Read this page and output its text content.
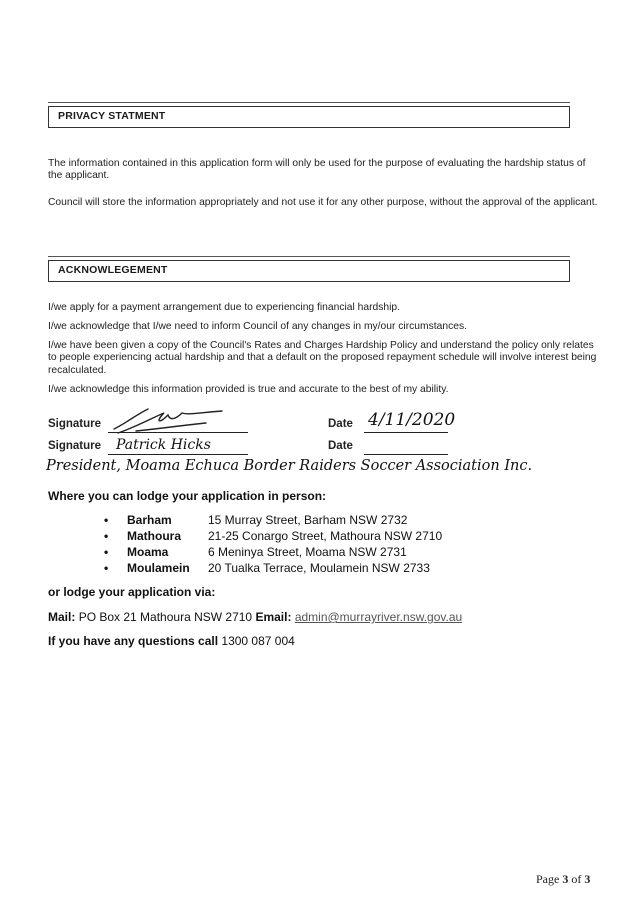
PRIVACY STATMENT
The information contained in this application form will only be used for the purpose of evaluating the hardship status of the applicant.
Council will store the information appropriately and not use it for any other purpose, without the approval of the applicant.
ACKNOWLEGEMENT
I/we apply for a payment arrangement due to experiencing financial hardship.
I/we acknowledge that I/we need to inform Council of any changes in my/our circumstances.
I/we have been given a copy of the Council's Rates and Charges Hardship Policy and understand the policy only relates to people experiencing actual hardship and that a default on the proposed repayment schedule will involve interest being recalculated.
I/we acknowledge this information provided is true and accurate to the best of my ability.
Signature	Date 4/11/2020
Signature Patrick Hicks	Date
President, Moama Echuca Border Raiders Soccer Association Inc.
Where you can lodge your application in person:
• Barham	15 Murray Street, Barham NSW 2732
• Mathoura 21-25 Conargo Street, Mathoura NSW 2710
• Moama	6 Meninya Street, Moama NSW 2731
• Moulamein 20 Tualka Terrace, Moulamein NSW 2733
or lodge your application via:
Mail: PO Box 21 Mathoura NSW 2710 Email: admin@murrayriver.nsw.gov.au
If you have any questions call 1300 087 004
Page 3 of 3
